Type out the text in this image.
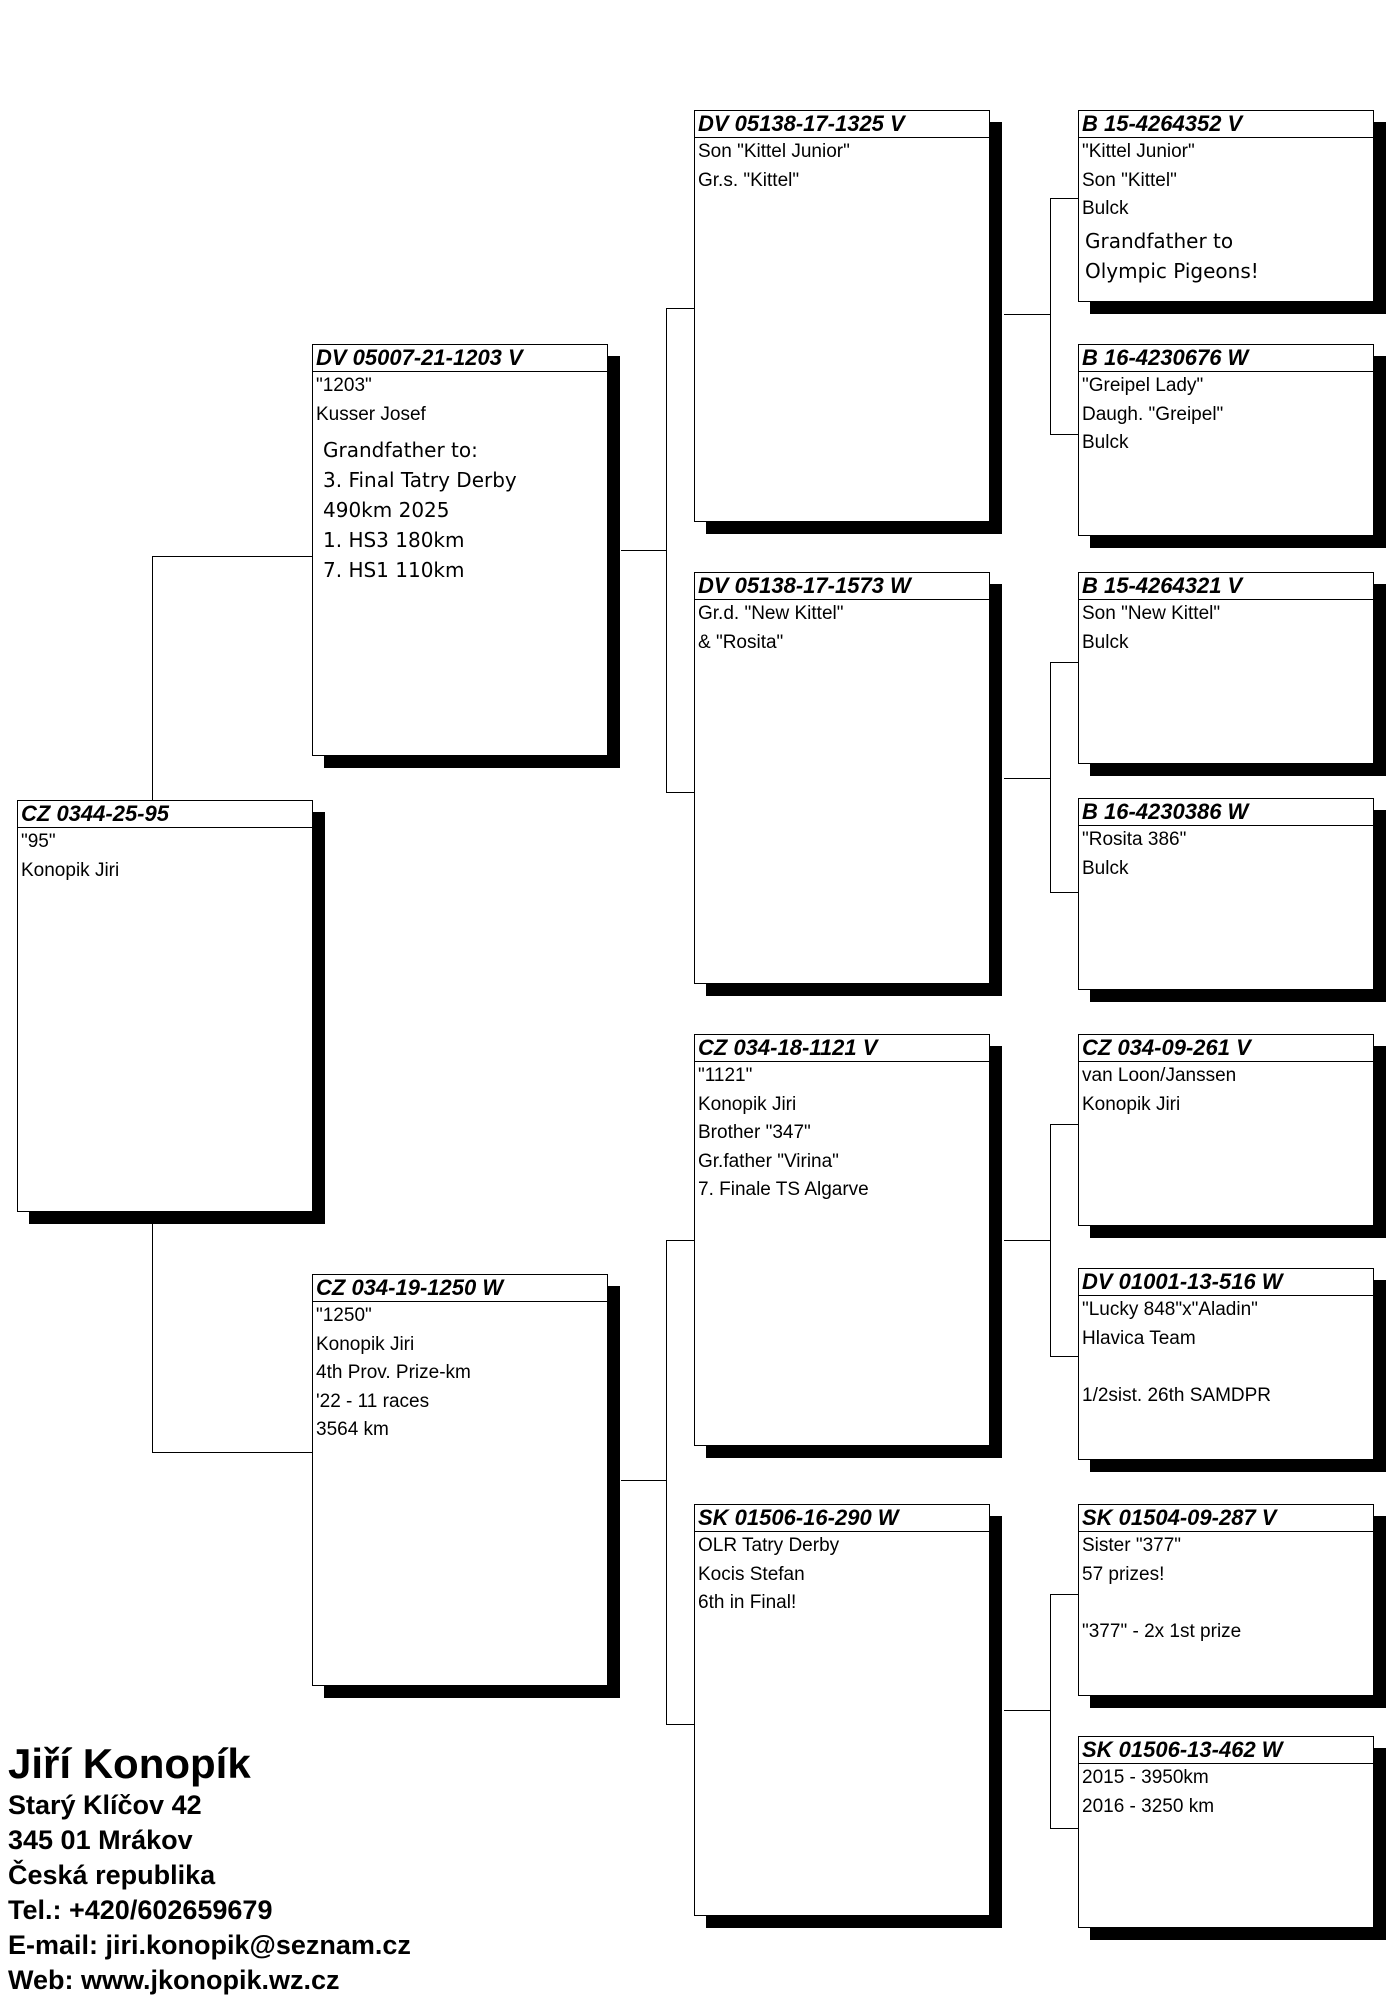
CZ 0344-25-95
"95"
Konopik Jiri
DV 05007-21-1203 V
"1203"
Kusser Josef
Grandfather to:
3. Final Tatry Derby
490km 2025
1. HS3 180km
7. HS1 110km
CZ 034-19-1250 W
"1250"
Konopik Jiri
4th Prov. Prize-km
'22 - 11 races
3564 km
DV 05138-17-1325 V
Son "Kittel Junior"
Gr.s. "Kittel"
DV 05138-17-1573 W
Gr.d. "New Kittel"
& "Rosita"
CZ 034-18-1121 V
"1121"
Konopik Jiri
Brother "347"
Gr.father "Virina"
7. Finale TS Algarve
SK 01506-16-290 W
OLR Tatry Derby
Kocis Stefan
6th in Final!
B 15-4264352 V
"Kittel Junior"
Son "Kittel"
Bulck
Grandfather to
Olympic Pigeons!
B 16-4230676 W
"Greipel Lady"
Daugh. "Greipel"
Bulck
B 15-4264321 V
Son "New Kittel"
Bulck
B 16-4230386 W
"Rosita 386"
Bulck
CZ 034-09-261 V
van Loon/Janssen
Konopik Jiri
DV 01001-13-516 W
"Lucky 848"x"Aladin"
Hlavica Team
1/2sist. 26th SAMDPR
SK 01504-09-287 V
Sister "377"
57 prizes!
"377" - 2x 1st prize
SK 01506-13-462 W
2015 - 3950km
2016 - 3250 km
Jiří Konopík
Starý Klíčov 42
345 01 Mrákov
Česká republika
Tel.: +420/602659679
E-mail: jiri.konopik@seznam.cz
Web: www.jkonopik.wz.cz
